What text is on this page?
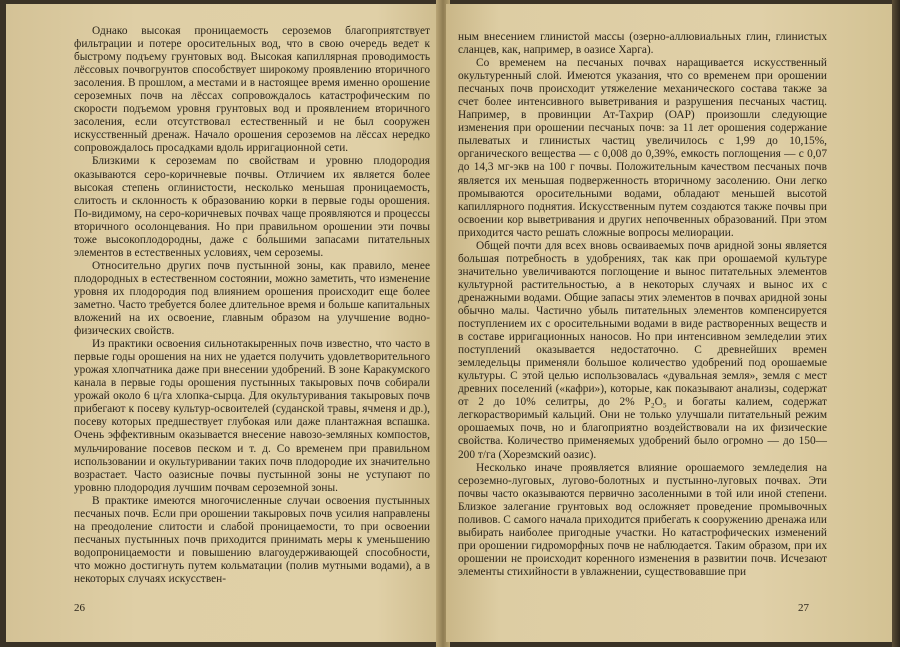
Однако высокая проницаемость сероземов благоприятствует фильтрации и потере оросительных вод, что в свою очередь ведет к быстрому подъему грунтовых вод. Высокая капиллярная проводимость лёссовых почвогрунтов способствует широкому проявлению вторичного засоления. В прошлом, а местами и в настоящее время именно орошение сероземных почв на лёссах сопровождалось катастрофическим по скорости подъемом уровня грунтовых вод и проявлением вторичного засоления, если отсутствовал естественный и не был сооружен искусственный дренаж. Начало орошения сероземов на лёссах нередко сопровождалось просадками вдоль ирригационной сети.

Близкими к сероземам по свойствам и уровню плодородия оказываются серо-коричневые почвы. Отличием их является более высокая степень оглинистости, несколько меньшая проницаемость, слитость и склонность к образованию корки в первые годы орошения. По-видимому, на серо-коричневых почвах чаще проявляются и процессы вторичного осолонцевания. Но при правильном орошении эти почвы тоже высокоплодородны, даже с бо́льшими запасами питательных элементов в естественных условиях, чем сероземы.

Относительно других почв пустынной зоны, как правило, менее плодородных в естественном состоянии, можно заметить, что изменение уровня их плодородия под влиянием орошения происходит еще более заметно. Часто требуется более длительное время и больше капитальных вложений на их освоение, главным образом на улучшение водно-физических свойств.

Из практики освоения сильнотакыренных почв известно, что часто в первые годы орошения на них не удается получить удовлетворительного урожая хлопчатника даже при внесении удобрений. В зоне Каракумского канала в первые годы орошения пустынных такыровых почв собирали урожай около 6 ц/га хлопка-сырца. Для окультуривания такыровых почв прибегают к посеву культур-освоителей (суданской травы, ячменя и др.), посеву которых предшествует глубокая или даже плантажная вспашка. Очень эффективным оказывается внесение навозо-земляных компостов, мульчирование посевов песком и т. д. Со временем при правильном использовании и окультуривании таких почв плодородие их значительно возрастает. Часто оазисные почвы пустынной зоны не уступают по уровню плодородия лучшим почвам сероземной зоны.

В практике имеются многочисленные случаи освоения пустынных песчаных почв. Если при орошении такыровых почв усилия направлены на преодоление слитости и слабой проницаемости, то при освоении песчаных пустынных почв приходится принимать меры к уменьшению водопроницаемости и повышению влагоудерживающей способности, что можно достигнуть путем кольматации (полив мутными водами), а в некоторых случаях искусствен-

26

ным внесением глинистой массы (озерно-аллювиальных глин, глинистых сланцев, как, например, в оазисе Харга).

Со временем на песчаных почвах наращивается искусственный окультуренный слой. Имеются указания, что со временем при орошении песчаных почв происходит утяжеление механического состава также за счет более интенсивного выветривания и разрушения песчаных частиц. Например, в провинции Ат-Тахрир (ОАР) произошли следующие изменения при орошении песчаных почв: за 11 лет орошения содержание пылеватых и глинистых частиц увеличилось с 1,99 до 10,15%, органического вещества — с 0,008 до 0,39%, емкость поглощения — с 0,07 до 14,3 мг-экв на 100 г почвы. Положительным качеством песчаных почв является их меньшая подверженность вторичному засолению. Они легко промываются оросительными водами, обладают меньшей высотой капиллярного поднятия. Искусственным путем создаются также почвы при освоении кор выветривания и других непочвенных образований. При этом приходится часто решать сложные вопросы мелиорации.

Общей почти для всех вновь осваиваемых почв аридной зоны является большая потребность в удобрениях, так как при орошаемой культуре значительно увеличиваются поглощение и вынос питательных элементов культурной растительностью, а в некоторых случаях и вынос их с дренажными водами. Общие запасы этих элементов в почвах аридной зоны обычно малы. Частично убыль питательных элементов компенсируется поступлением их с оросительными водами в виде растворенных веществ и в составе ирригационных наносов. Но при интенсивном земледелии этих поступлений оказывается недостаточно. С древнейших времен земледельцы применяли большое количество удобрений под орошаемые культуры. С этой целью использовалась «дувальная земля», земля с мест древних поселений («кафри»), которые, как показывают анализы, содержат от 2 до 10% селитры, до 2% P₂O₅ и богаты калием, содержат легкорастворимый кальций. Они не только улучшали питательный режим орошаемых почв, но и благоприятно воздействовали на их физические свойства. Количество применяемых удобрений было огромно — до 150—200 т/га (Хорезмский оазис).

Несколько иначе проявляется влияние орошаемого земледелия на сероземно-луговых, лугово-болотных и пустынно-луговых почвах. Эти почвы часто оказываются первично засоленными в той или иной степени. Близкое залегание грунтовых вод осложняет проведение промывочных поливов. С самого начала приходится прибегать к сооружению дренажа или выбирать наиболее пригодные участки. Но катастрофических изменений при орошении гидроморфных почв не наблюдается. Таким образом, при их орошении не происходит коренного изменения в развитии почв. Исчезают элементы стихийности в увлажнении, существовавшие при

27
